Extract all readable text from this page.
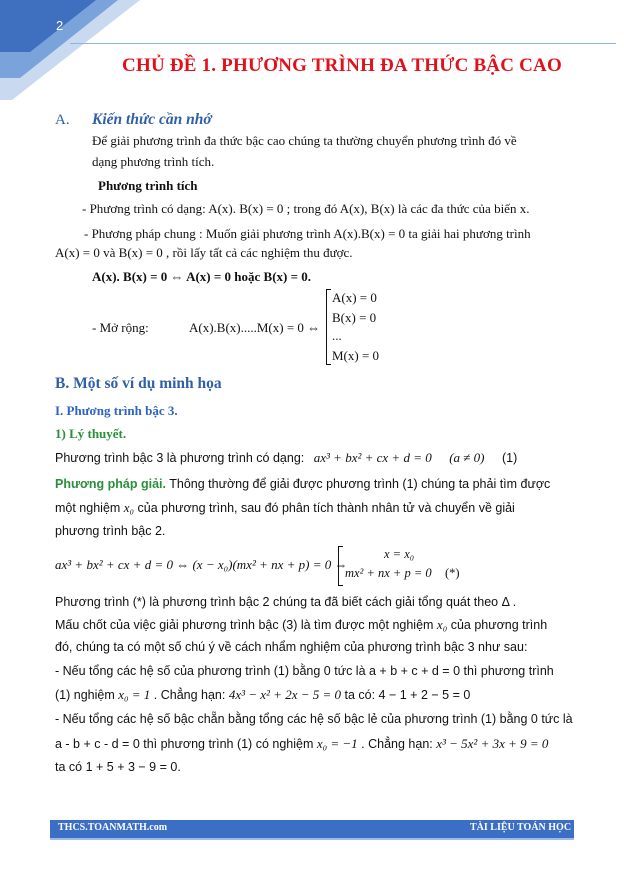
2
CHỦ ĐỀ 1. PHƯƠNG TRÌNH ĐA THỨC BẬC CAO
A. Kiến thức cần nhớ
Để giải phương trình đa thức bậc cao chúng ta thường chuyển phương trình đó về
dạng phương trình tích.
Phương trình tích
- Phương trình có dạng: A(x). B(x) = 0 ; trong đó A(x), B(x) là các đa thức của biến x.
- Phương pháp chung : Muốn giải phương trình A(x).B(x) = 0 ta giải hai phương trình
A(x) = 0 và B(x) = 0 , rồi lấy tất cả các nghiệm thu được.
A(x). B(x) = 0 ⇔ A(x) = 0 hoặc B(x) = 0.
- Mở rộng:	A(x).B(x).....M(x) = 0 ⇔
A(x) = 0
B(x) = 0
...
M(x) = 0
B. Một số ví dụ minh họa
I. Phương trình bậc 3.
1) Lý thuyết.
Phương trình bậc 3 là phương trình có dạng: ax³ + bx² + cx + d = 0 (a ≠ 0) (1)
Phương pháp giải. Thông thường để giải được phương trình (1) chúng ta phải tìm được
một nghiệm x₀ của phương trình, sau đó phân tích thành nhân tử và chuyển về giải
phương trình bậc 2.
ax³ + bx² + cx + d = 0 ⇔ (x − x₀)(mx² + nx + p) = 0 ⇔
x = x₀
mx² + nx + p = 0 (*)
Phương trình (*) là phương trình bậc 2 chúng ta đã biết cách giải tổng quát theo Δ .
Mấu chốt của việc giải phương trình bậc (3) là tìm được một nghiệm x₀ của phương trình
đó, chúng ta có một số chú ý về cách nhẩm nghiệm của phương trình bậc 3 như sau:
- Nếu tổng các hệ số của phương trình (1) bằng 0 tức là a + b + c + d = 0 thì phương trình
(1) nghiệm x₀ = 1 . Chẳng hạn: 4x³ − x² + 2x − 5 = 0 ta có: 4 − 1 + 2 − 5 = 0
- Nếu tổng các hệ số bậc chẵn bằng tổng các hệ số bậc lẻ của phương trình (1) bằng 0 tức là
a - b + c - d = 0 thì phương trình (1) có nghiệm x₀ = −1 . Chẳng hạn: x³ − 5x² + 3x + 9 = 0
ta có 1 + 5 + 3 − 9 = 0.
THCS.TOANMATH.com	TÀI LIỆU TOÁN HỌC
